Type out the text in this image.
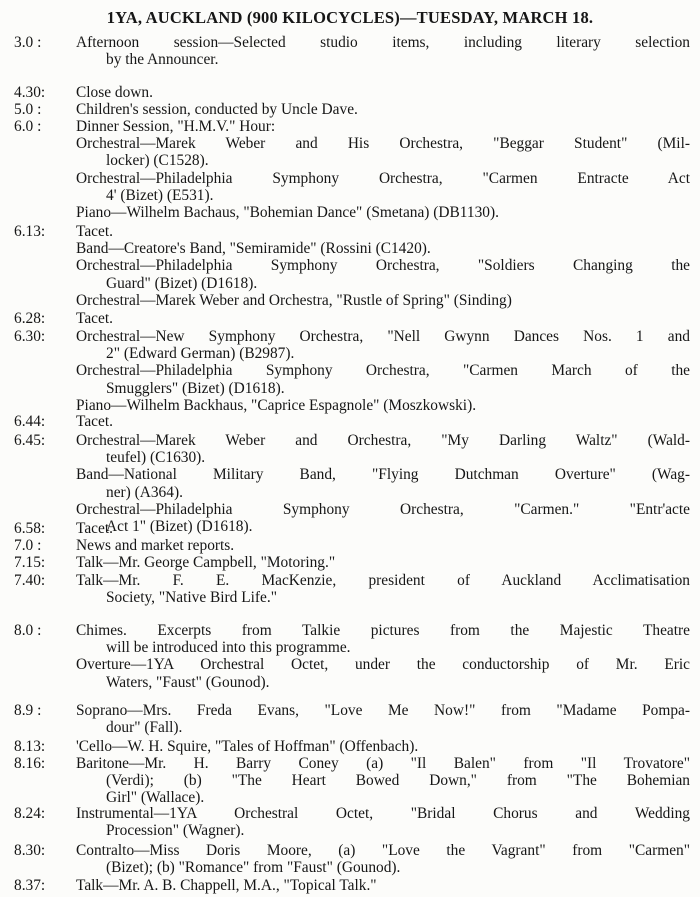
1YA, AUCKLAND (900 KILOCYCLES)—TUESDAY, MARCH 18.
3.0 :	Afternoon session—Selected studio items, including literary selection
by the Announcer.
4.30:	Close down.
5.0 :	Children's session, conducted by Uncle Dave.
6.0 :	Dinner Session, "H.M.V." Hour:
Orchestral—Marek Weber and His Orchestra, "Beggar Student" (Mil-
locker) (C1528).
Orchestral—Philadelphia Symphony Orchestra, "Carmen Entracte Act
4' (Bizet) (E531).
Piano—Wilhelm Bachaus, "Bohemian Dance" (Smetana) (DB1130).
6.13:	Tacet.
Band—Creatore's Band, "Semiramide" (Rossini (C1420).
Orchestral—Philadelphia Symphony Orchestra, "Soldiers Changing the
Guard" (Bizet) (D1618).
Orchestral—Marek Weber and Orchestra, "Rustle of Spring" (Sinding)
6.28:	Tacet.
6.30:	Orchestral—New Symphony Orchestra, "Nell Gwynn Dances Nos. 1 and
2" (Edward German) (B2987).
Orchestral—Philadelphia Symphony Orchestra, "Carmen March of the
Smugglers" (Bizet) (D1618).
Piano—Wilhelm Backhaus, "Caprice Espagnole" (Moszkowski).
6.44:	Tacet.
6.45:	Orchestral—Marek Weber and Orchestra, "My Darling Waltz" (Wald-
teufel) (C1630).
Band—National Military Band, "Flying Dutchman Overture" (Wag-
ner) (A364).
Orchestral—Philadelphia Symphony Orchestra, "Carmen." "Entr'acte
Act 1" (Bizet) (D1618).
6.58:	Tacet.
7.0 :	News and market reports.
7.15:	Talk—Mr. George Campbell, "Motoring."
7.40:	Talk—Mr. F. E. MacKenzie, president of Auckland Acclimatisation
Society, "Native Bird Life."
8.0 :	Chimes. Excerpts from Talkie pictures from the Majestic Theatre
will be introduced into this programme.
Overture—1YA Orchestral Octet, under the conductorship of Mr. Eric
Waters, "Faust" (Gounod).
8.9 :	Soprano—Mrs. Freda Evans, "Love Me Now!" from "Madame Pompa-
dour" (Fall).
8.13:	'Cello—W. H. Squire, "Tales of Hoffman" (Offenbach).
8.16:	Baritone—Mr. H. Barry Coney (a) "Il Balen" from "Il Trovatore"
(Verdi); (b) "The Heart Bowed Down," from "The Bohemian
Girl" (Wallace).
8.24:	Instrumental—1YA Orchestral Octet, "Bridal Chorus and Wedding
Procession" (Wagner).
8.30:	Contralto—Miss Doris Moore, (a) "Love the Vagrant" from "Carmen"
(Bizet); (b) "Romance" from "Faust" (Gounod).
8.37:	Talk—Mr. A. B. Chappell, M.A., "Topical Talk."
